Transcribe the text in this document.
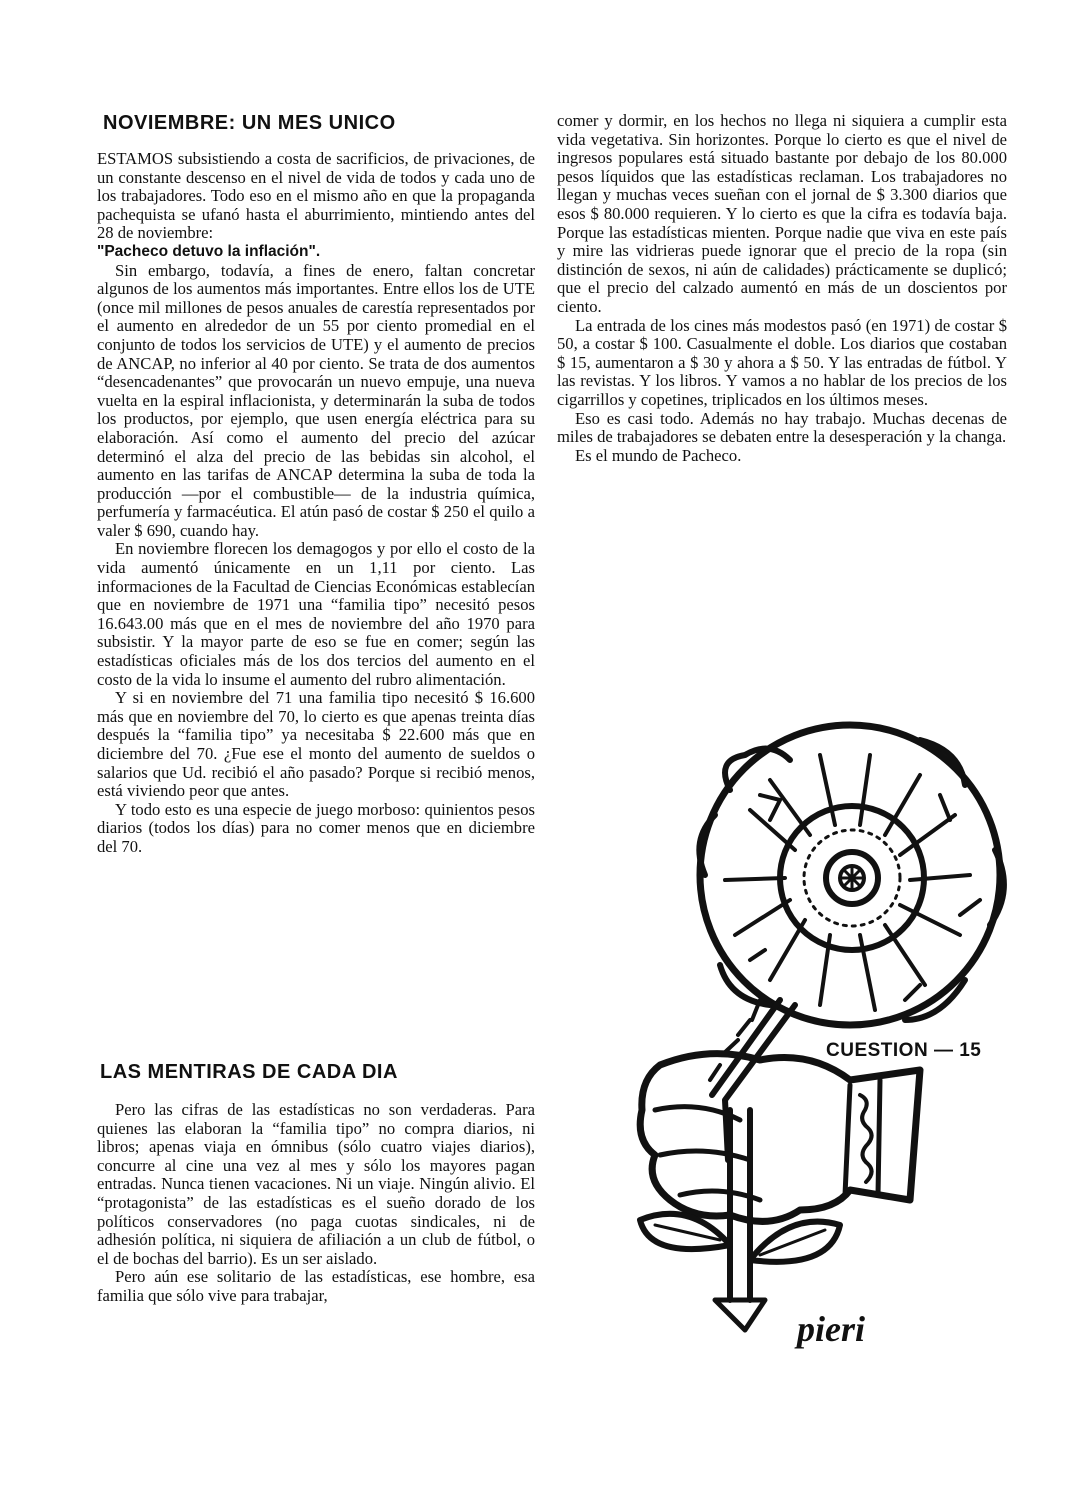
NOVIEMBRE: UN MES UNICO

ESTAMOS subsistiendo a costa de sacrificios, de privaciones, de un constante descenso en el nivel de vida de todos y cada uno de los trabajadores. Todo eso en el mismo año en que la propaganda pachequista se ufanó hasta el aburrimiento, mintiendo antes del 28 de noviembre:

"Pacheco detuvo la inflación".

Sin embargo, todavía, a fines de enero, faltan concretar algunos de los aumentos más importantes. Entre ellos los de UTE (once mil millones de pesos anuales de carestía representados por el aumento en alrededor de un 55 por ciento promedial en el conjunto de todos los servicios de UTE) y el aumento de precios de ANCAP, no inferior al 40 por ciento. Se trata de dos aumentos “desencadenantes” que provocarán un nuevo empuje, una nueva vuelta en la espiral inflacionista, y determinarán la suba de todos los productos, por ejemplo, que usen energía eléctrica para su elaboración. Así como el aumento del precio del azúcar determinó el alza del precio de las bebidas sin alcohol, el aumento en las tarifas de ANCAP determina la suba de toda la producción —por el combustible— de la industria química, perfumería y farmacéutica. El atún pasó de costar $ 250 el quilo a valer $ 690, cuando hay.

En noviembre florecen los demagogos y por ello el costo de la vida aumentó únicamente en un 1,11 por ciento. Las informaciones de la Facultad de Ciencias Económicas establecían que en noviembre de 1971 una “familia tipo” necesitó pesos 16.643.00 más que en el mes de noviembre del año 1970 para subsistir. Y la mayor parte de eso se fue en comer; según las estadísticas oficiales más de los dos tercios del aumento en el costo de la vida lo insume el aumento del rubro alimentación.

Y si en noviembre del 71 una familia tipo necesitó $ 16.600 más que en noviembre del 70, lo cierto es que apenas treinta días después la “familia tipo” ya necesitaba $ 22.600 más que en diciembre del 70. ¿Fue ese el monto del aumento de sueldos o salarios que Ud. recibió el año pasado? Porque si recibió menos, está viviendo peor que antes.

Y todo esto es una especie de juego morboso: quinientos pesos diarios (todos los días) para no comer menos que en diciembre del 70.

LAS MENTIRAS DE CADA DIA

Pero las cifras de las estadísticas no son verdaderas. Para quienes las elaboran la “familia tipo” no compra diarios, ni libros; apenas viaja en ómnibus (sólo cuatro viajes diarios), concurre al cine una vez al mes y sólo los mayores pagan entradas. Nunca tienen vacaciones. Ni un viaje. Ningún alivio. El “protagonista” de las estadísticas es el sueño dorado de los políticos conservadores (no paga cuotas sindicales, ni de adhesión política, ni siquiera de afiliación a un club de fútbol, o el de bochas del barrio). Es un ser aislado.

Pero aún ese solitario de las estadísticas, ese hombre, esa familia que sólo vive para trabajar,

comer y dormir, en los hechos no llega ni siquiera a cumplir esta vida vegetativa. Sin horizontes. Porque lo cierto es que el nivel de ingresos populares está situado bastante por debajo de los 80.000 pesos líquidos que las estadísticas reclaman. Los trabajadores no llegan y muchas veces sueñan con el jornal de $ 3.300 diarios que esos $ 80.000 requieren. Y lo cierto es que la cifra es todavía baja. Porque las estadísticas mienten. Porque nadie que viva en este país y mire las vidrieras puede ignorar que el precio de la ropa (sin distinción de sexos, ni aún de calidades) prácticamente se duplicó; que el precio del calzado aumentó en más de un doscientos por ciento.

La entrada de los cines más modestos pasó (en 1971) de costar $ 50, a costar $ 100. Casualmente el doble. Los diarios que costaban $ 15, aumentaron a $ 30 y ahora a $ 50. Y las entradas de fútbol. Y las revistas. Y los libros. Y vamos a no hablar de los precios de los cigarrillos y copetines, triplicados en los últimos meses.

Eso es casi todo. Además no hay trabajo. Muchas decenas de miles de trabajadores se debaten entre la desesperación y la changa.

Es el mundo de Pacheco.

pieri
CUESTION — 15
